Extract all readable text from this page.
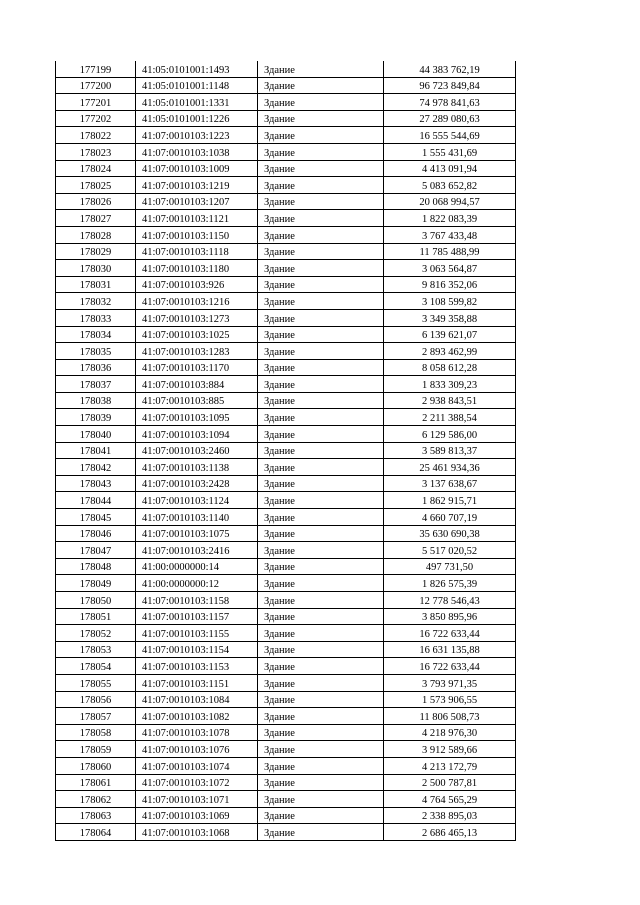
177199	41:05:0101001:1493	Здание	44 383 762,19
177200	41:05:0101001:1148	Здание	96 723 849,84
177201	41:05:0101001:1331	Здание	74 978 841,63
177202	41:05:0101001:1226	Здание	27 289 080,63
178022	41:07:0010103:1223	Здание	16 555 544,69
178023	41:07:0010103:1038	Здание	1 555 431,69
178024	41:07:0010103:1009	Здание	4 413 091,94
178025	41:07:0010103:1219	Здание	5 083 652,82
178026	41:07:0010103:1207	Здание	20 068 994,57
178027	41:07:0010103:1121	Здание	1 822 083,39
178028	41:07:0010103:1150	Здание	3 767 433,48
178029	41:07:0010103:1118	Здание	11 785 488,99
178030	41:07:0010103:1180	Здание	3 063 564,87
178031	41:07:0010103:926	Здание	9 816 352,06
178032	41:07:0010103:1216	Здание	3 108 599,82
178033	41:07:0010103:1273	Здание	3 349 358,88
178034	41:07:0010103:1025	Здание	6 139 621,07
178035	41:07:0010103:1283	Здание	2 893 462,99
178036	41:07:0010103:1170	Здание	8 058 612,28
178037	41:07:0010103:884	Здание	1 833 309,23
178038	41:07:0010103:885	Здание	2 938 843,51
178039	41:07:0010103:1095	Здание	2 211 388,54
178040	41:07:0010103:1094	Здание	6 129 586,00
178041	41:07:0010103:2460	Здание	3 589 813,37
178042	41:07:0010103:1138	Здание	25 461 934,36
178043	41:07:0010103:2428	Здание	3 137 638,67
178044	41:07:0010103:1124	Здание	1 862 915,71
178045	41:07:0010103:1140	Здание	4 660 707,19
178046	41:07:0010103:1075	Здание	35 630 690,38
178047	41:07:0010103:2416	Здание	5 517 020,52
178048	41:00:0000000:14	Здание	497 731,50
178049	41:00:0000000:12	Здание	1 826 575,39
178050	41:07:0010103:1158	Здание	12 778 546,43
178051	41:07:0010103:1157	Здание	3 850 895,96
178052	41:07:0010103:1155	Здание	16 722 633,44
178053	41:07:0010103:1154	Здание	16 631 135,88
178054	41:07:0010103:1153	Здание	16 722 633,44
178055	41:07:0010103:1151	Здание	3 793 971,35
178056	41:07:0010103:1084	Здание	1 573 906,55
178057	41:07:0010103:1082	Здание	11 806 508,73
178058	41:07:0010103:1078	Здание	4 218 976,30
178059	41:07:0010103:1076	Здание	3 912 589,66
178060	41:07:0010103:1074	Здание	4 213 172,79
178061	41:07:0010103:1072	Здание	2 500 787,81
178062	41:07:0010103:1071	Здание	4 764 565,29
178063	41:07:0010103:1069	Здание	2 338 895,03
178064	41:07:0010103:1068	Здание	2 686 465,13
